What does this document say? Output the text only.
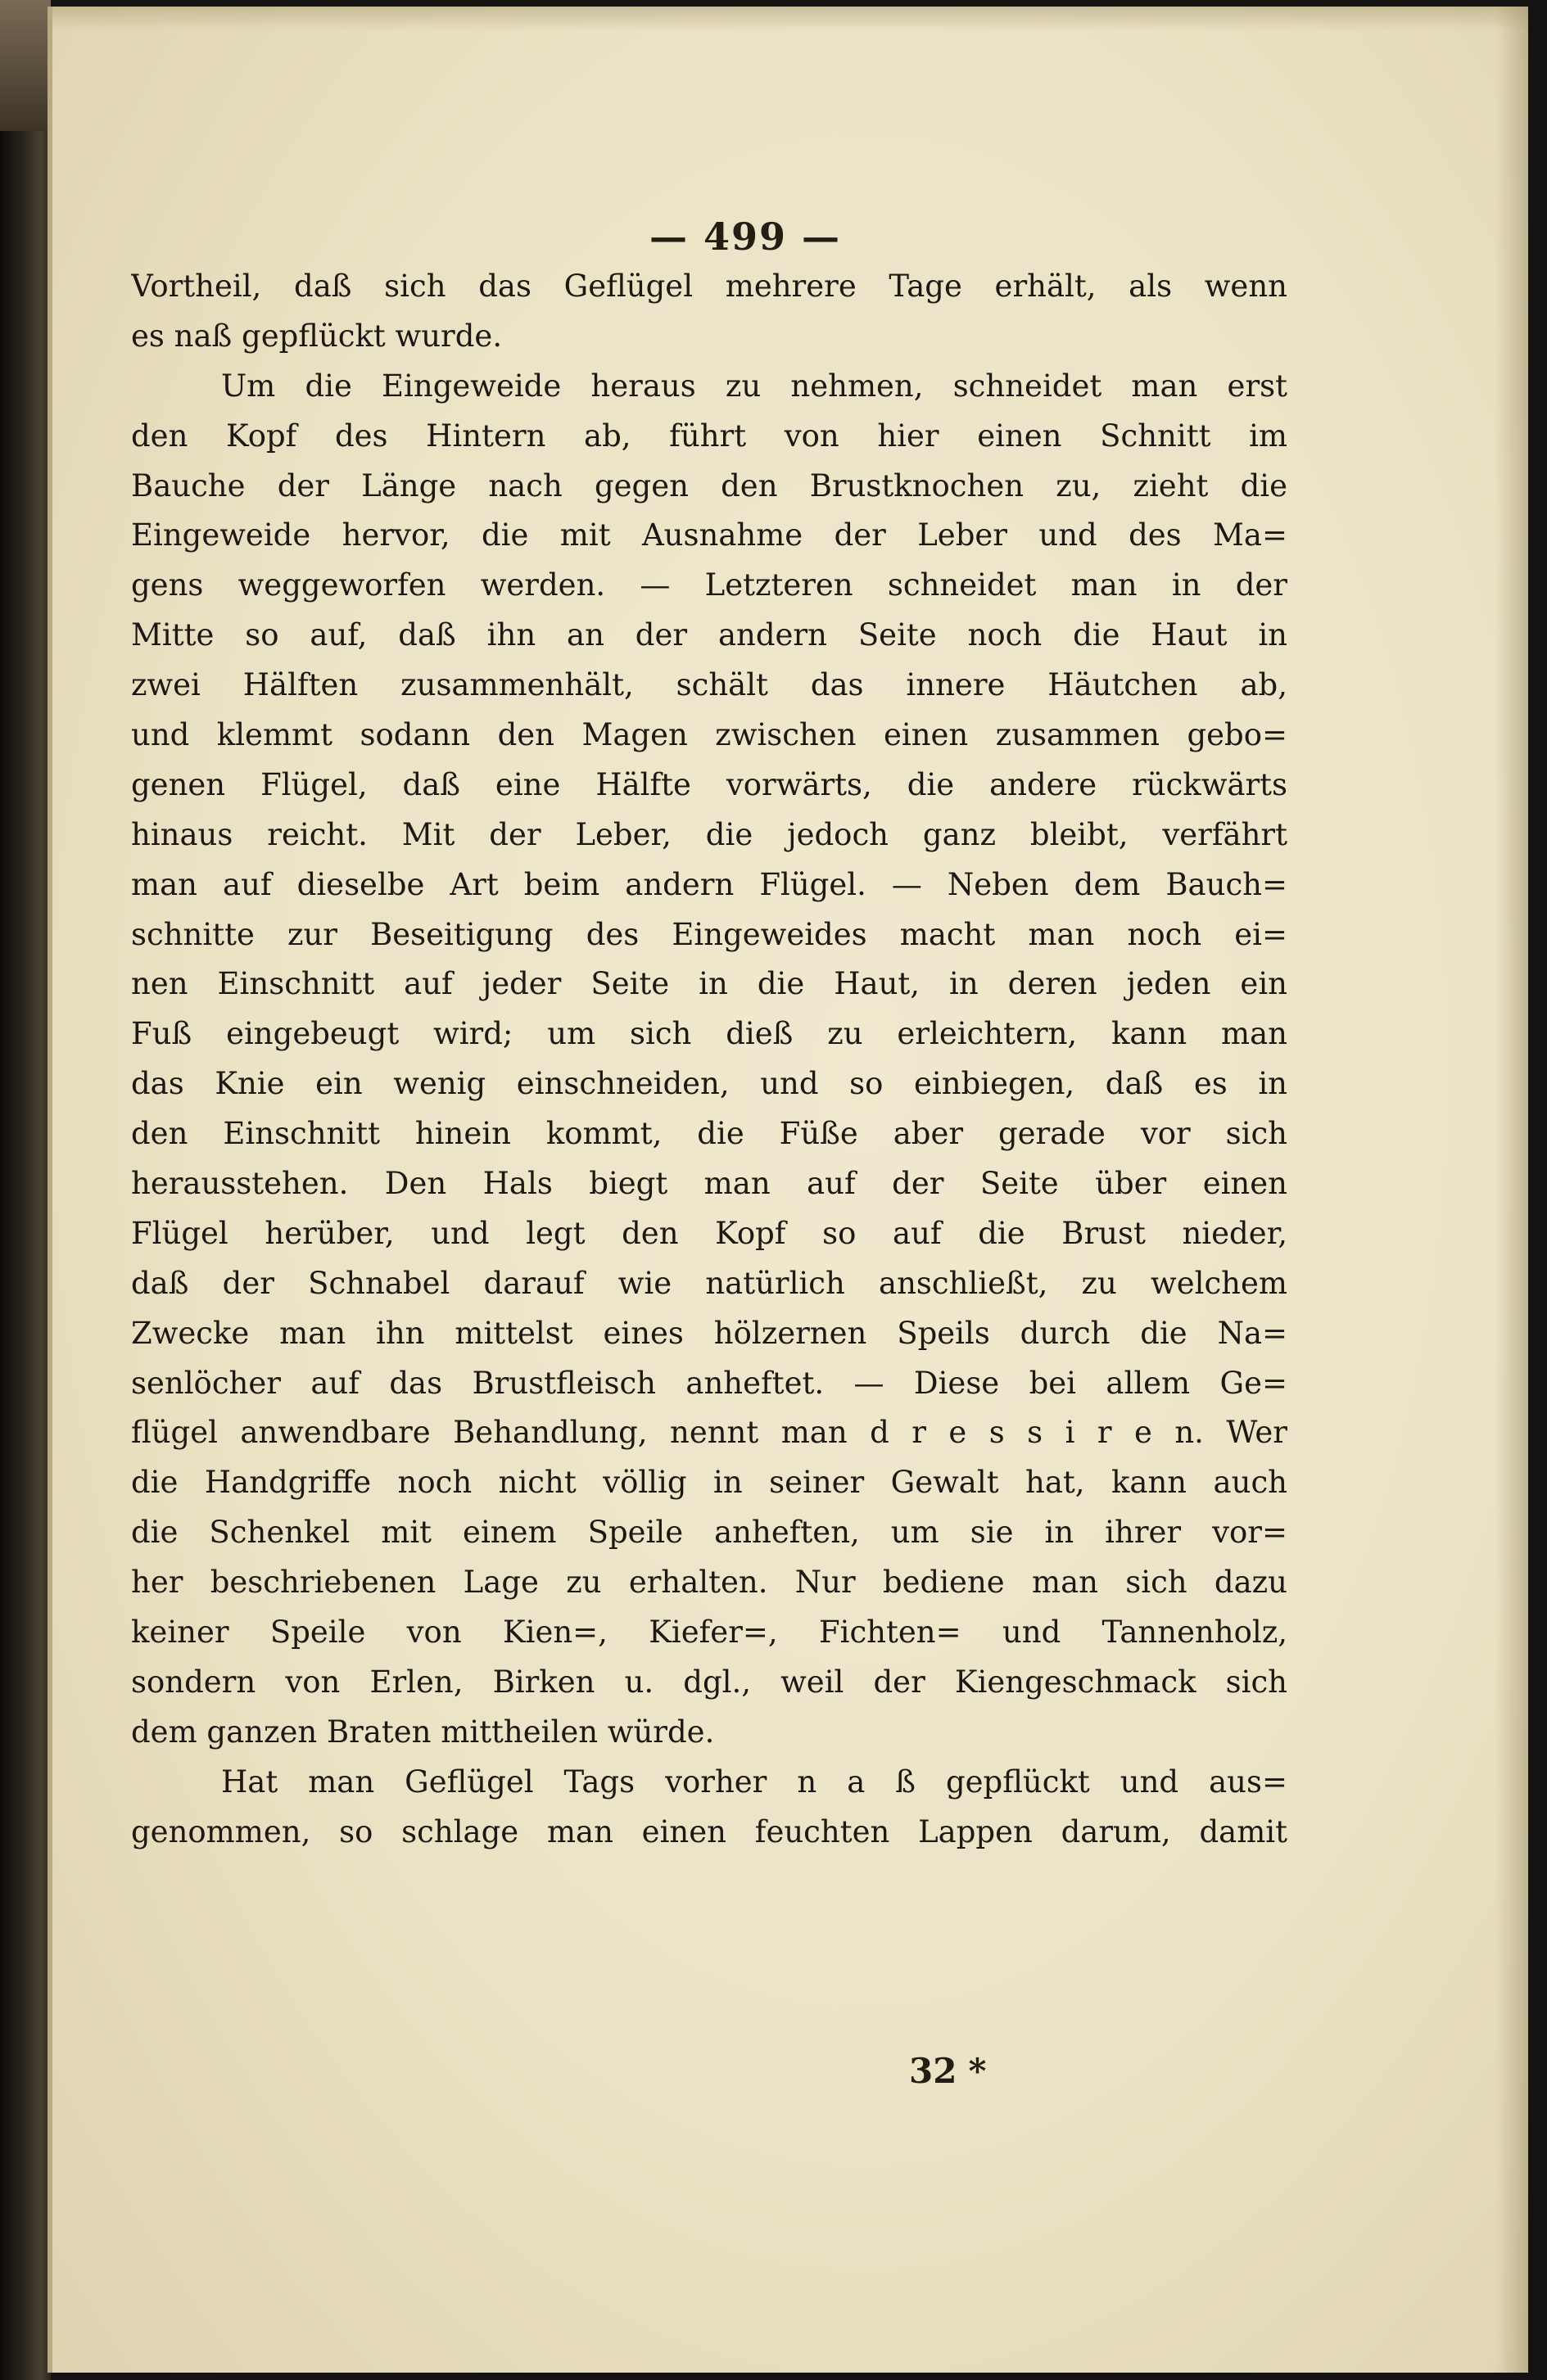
— 499 —
Vortheil, daß sich das Geflügel mehrere Tage erhält, als wenn
es naß gepflückt wurde.
Um die Eingeweide heraus zu nehmen, schneidet man erst
den Kopf des Hintern ab, führt von hier einen Schnitt im
Bauche der Länge nach gegen den Brustknochen zu, zieht die
Eingeweide hervor, die mit Ausnahme der Leber und des Ma=
gens weggeworfen werden. — Letzteren schneidet man in der
Mitte so auf, daß ihn an der andern Seite noch die Haut in
zwei Hälften zusammenhält, schält das innere Häutchen ab,
und klemmt sodann den Magen zwischen einen zusammen gebo=
genen Flügel, daß eine Hälfte vorwärts, die andere rückwärts
hinaus reicht. Mit der Leber, die jedoch ganz bleibt, verfährt
man auf dieselbe Art beim andern Flügel. — Neben dem Bauch=
schnitte zur Beseitigung des Eingeweides macht man noch ei=
nen Einschnitt auf jeder Seite in die Haut, in deren jeden ein
Fuß eingebeugt wird; um sich dieß zu erleichtern, kann man
das Knie ein wenig einschneiden, und so einbiegen, daß es in
den Einschnitt hinein kommt, die Füße aber gerade vor sich
herausstehen. Den Hals biegt man auf der Seite über einen
Flügel herüber, und legt den Kopf so auf die Brust nieder,
daß der Schnabel darauf wie natürlich anschließt, zu welchem
Zwecke man ihn mittelst eines hölzernen Speils durch die Na=
senlöcher auf das Brustfleisch anheftet. — Diese bei allem Ge=
flügel anwendbare Behandlung, nennt man d r e s s i r e n. Wer
die Handgriffe noch nicht völlig in seiner Gewalt hat, kann auch
die Schenkel mit einem Speile anheften, um sie in ihrer vor=
her beschriebenen Lage zu erhalten. Nur bediene man sich dazu
keiner Speile von Kien=, Kiefer=, Fichten= und Tannenholz,
sondern von Erlen, Birken u. dgl., weil der Kiengeschmack sich
dem ganzen Braten mittheilen würde.
Hat man Geflügel Tags vorher n a ß gepflückt und aus=
genommen, so schlage man einen feuchten Lappen darum, damit
32 *
